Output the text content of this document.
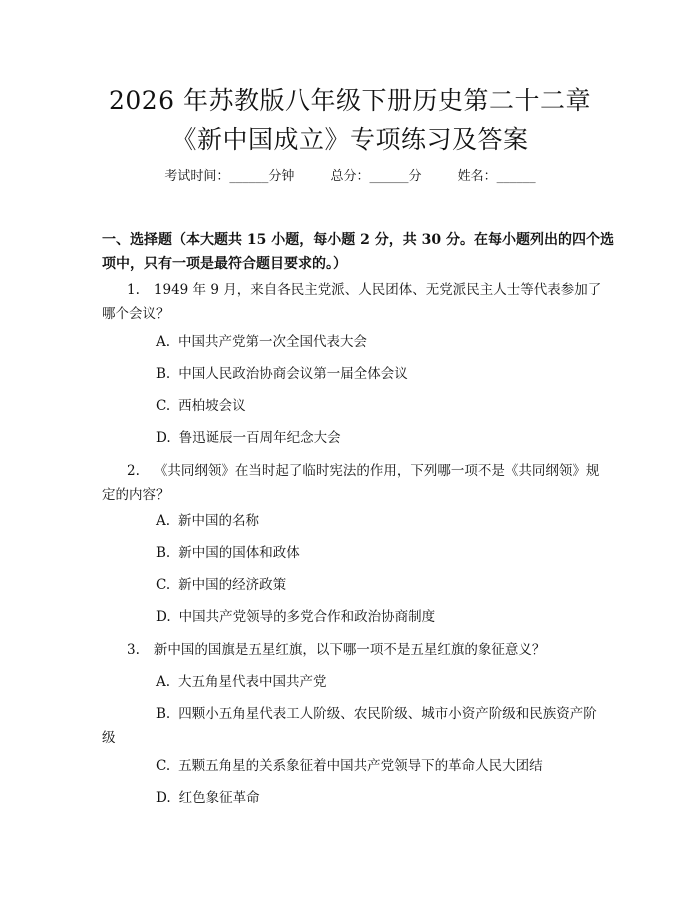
2026 年苏教版八年级下册历史第二十二章
《新中国成立》专项练习及答案
考试时间：______分钟	总分：______分	姓名：______
一、选择题（本大题共 15 小题，每小题 2 分，共 30 分。在每小题列出的四个选项中，只有一项是最符合题目要求的。）
1. 1949 年 9 月，来自各民主党派、人民团体、无党派民主人士等代表参加了哪个会议？
A. 中国共产党第一次全国代表大会
B. 中国人民政治协商会议第一届全体会议
C. 西柏坡会议
D. 鲁迅诞辰一百周年纪念大会
2. 《共同纲领》在当时起了临时宪法的作用，下列哪一项不是《共同纲领》规定的内容？
A. 新中国的名称
B. 新中国的国体和政体
C. 新中国的经济政策
D. 中国共产党领导的多党合作和政治协商制度
3. 新中国的国旗是五星红旗，以下哪一项不是五星红旗的象征意义？
A. 大五角星代表中国共产党
B. 四颗小五角星代表工人阶级、农民阶级、城市小资产阶级和民族资产阶级
C. 五颗五角星的关系象征着中国共产党领导下的革命人民大团结
D. 红色象征革命
